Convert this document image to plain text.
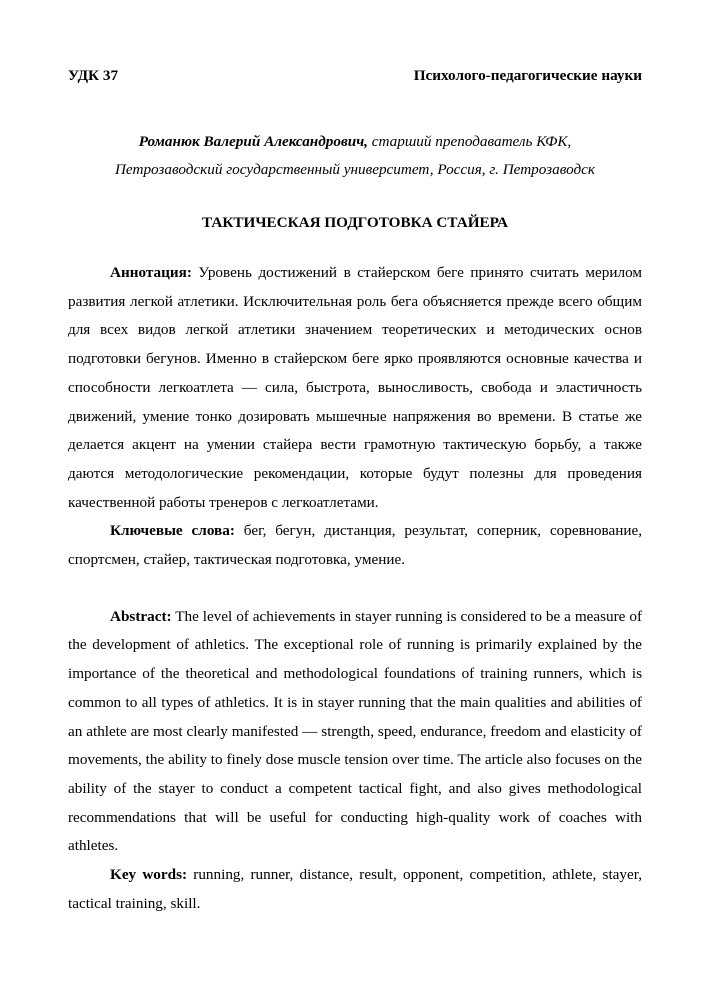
УДК 37	Психолого-педагогические науки
Романюк Валерий Александрович, старший преподаватель КФК,
Петрозаводский государственный университет, Россия, г. Петрозаводск
ТАКТИЧЕСКАЯ ПОДГОТОВКА СТАЙЕРА

Аннотация: Уровень достижений в стайерском беге принято считать мерилом развития легкой атлетики. Исключительная роль бега объясняется прежде всего общим для всех видов легкой атлетики значением теоретических и методических основ подготовки бегунов. Именно в стайерском беге ярко проявляются основные качества и способности легкоатлета — сила, быстрота, выносливость, свобода и эластичность движений, умение тонко дозировать мышечные напряжения во времени. В статье же делается акцент на умении стайера вести грамотную тактическую борьбу, а также даются методологические рекомендации, которые будут полезны для проведения качественной работы тренеров с легкоатлетами.

Ключевые слова: бег, бегун, дистанция, результат, соперник, соревнование, спортсмен, стайер, тактическая подготовка, умение.

Abstract: The level of achievements in stayer running is considered to be a measure of the development of athletics. The exceptional role of running is primarily explained by the importance of the theoretical and methodological foundations of training runners, which is common to all types of athletics. It is in stayer running that the main qualities and abilities of an athlete are most clearly manifested — strength, speed, endurance, freedom and elasticity of movements, the ability to finely dose muscle tension over time. The article also focuses on the ability of the stayer to conduct a competent tactical fight, and also gives methodological recommendations that will be useful for conducting high-quality work of coaches with athletes.

Key words: running, runner, distance, result, opponent, competition, athlete, stayer, tactical training, skill.
